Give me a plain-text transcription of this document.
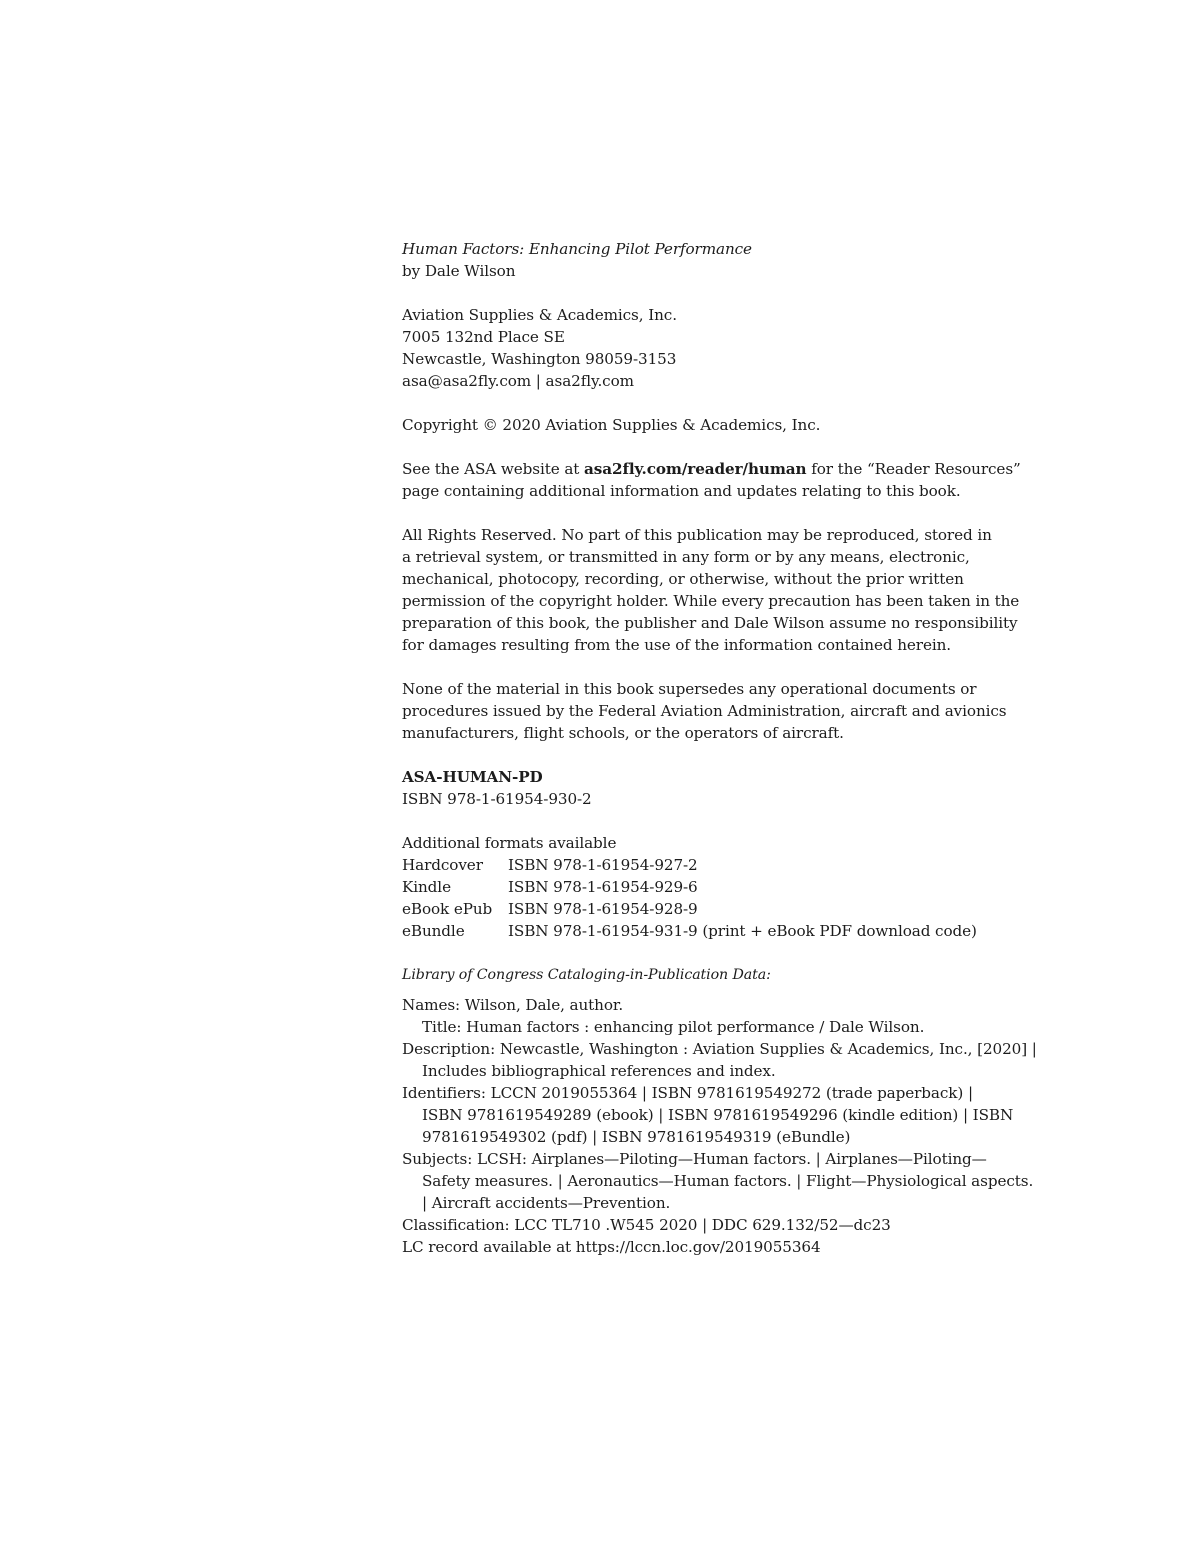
Human Factors: Enhancing Pilot Performance
by Dale Wilson
Aviation Supplies & Academics, Inc.
7005 132nd Place SE
Newcastle, Washington 98059-3153
asa@asa2fly.com | asa2fly.com
Copyright © 2020 Aviation Supplies & Academics, Inc.
See the ASA website at asa2fly.com/reader/human for the “Reader Resources”
page containing additional information and updates relating to this book.
All Rights Reserved. No part of this publication may be reproduced, stored in
a retrieval system, or transmitted in any form or by any means, electronic,
mechanical, photocopy, recording, or otherwise, without the prior written
permission of the copyright holder. While every precaution has been taken in the
preparation of this book, the publisher and Dale Wilson assume no responsibility
for damages resulting from the use of the information contained herein.
None of the material in this book supersedes any operational documents or
procedures issued by the Federal Aviation Administration, aircraft and avionics
manufacturers, flight schools, or the operators of aircraft.
ASA-HUMAN-PD
ISBN 978-1-61954-930-2
Additional formats available
Hardcover	ISBN 978-1-61954-927-2
Kindle	ISBN 978-1-61954-929-6
eBook ePub	ISBN 978-1-61954-928-9
eBundle	ISBN 978-1-61954-931-9 (print + eBook PDF download code)
Library of Congress Cataloging-in-Publication Data:
Names: Wilson, Dale, author.
Title: Human factors : enhancing pilot performance / Dale Wilson.
Description: Newcastle, Washington : Aviation Supplies & Academics, Inc., [2020] |
Includes bibliographical references and index.
Identifiers: LCCN 2019055364 | ISBN 9781619549272 (trade paperback) |
ISBN 9781619549289 (ebook) | ISBN 9781619549296 (kindle edition) | ISBN
9781619549302 (pdf) | ISBN 9781619549319 (eBundle)
Subjects: LCSH: Airplanes—Piloting—Human factors. | Airplanes—Piloting—
Safety measures. | Aeronautics—Human factors. | Flight—Physiological aspects.
| Aircraft accidents—Prevention.
Classification: LCC TL710 .W545 2020 | DDC 629.132/52—dc23
LC record available at https://lccn.loc.gov/2019055364
